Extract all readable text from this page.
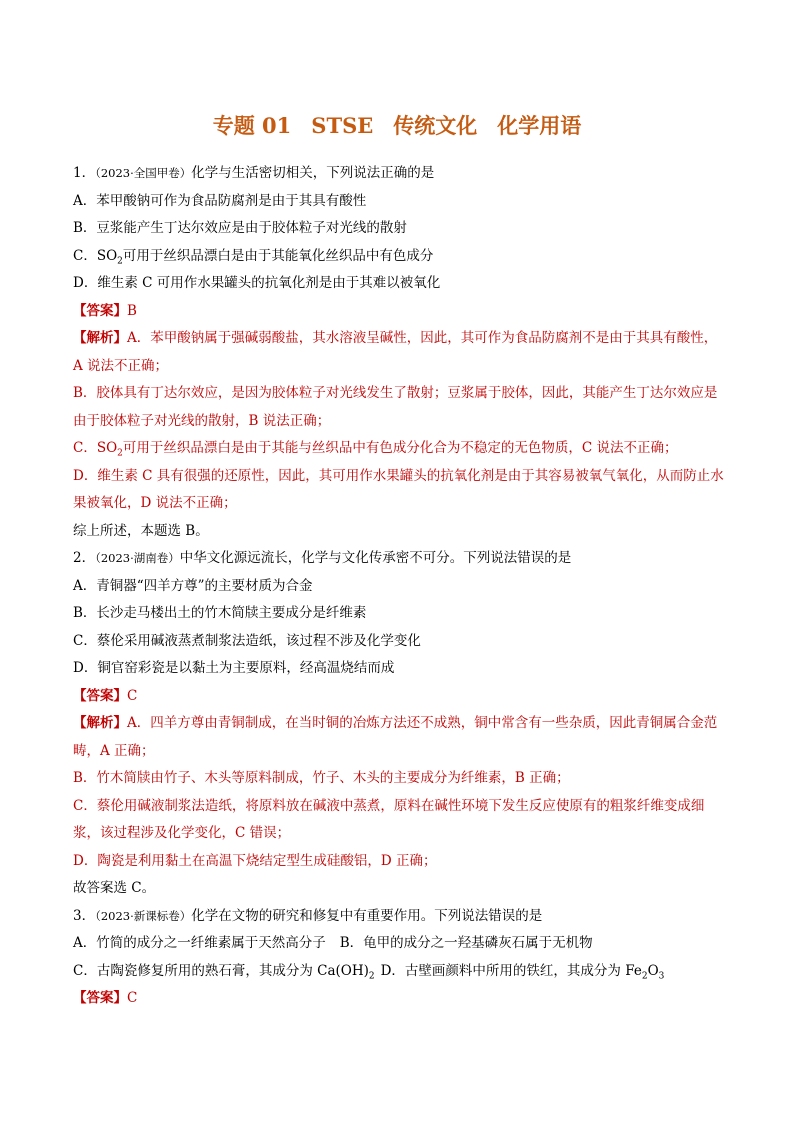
专题 01 STSE 传统文化 化学用语
1．（2023·全国甲卷）化学与生活密切相关，下列说法正确的是
A．苯甲酸钠可作为食品防腐剂是由于其具有酸性
B．豆浆能产生丁达尔效应是由于胶体粒子对光线的散射
C．$SO_2$可用于丝织品漂白是由于其能氧化丝织品中有色成分
D．维生素 C 可用作水果罐头的抗氧化剂是由于其难以被氧化
【答案】B
【解析】A．苯甲酸钠属于强碱弱酸盐，其水溶液呈碱性，因此，其可作为食品防腐剂不是由于其具有酸性，A 说法不正确；
B．胶体具有丁达尔效应，是因为胶体粒子对光线发生了散射；豆浆属于胶体，因此，其能产生丁达尔效应是由于胶体粒子对光线的散射，B 说法正确；
C．$SO_2$可用于丝织品漂白是由于其能与丝织品中有色成分化合为不稳定的无色物质，C 说法不正确；
D．维生素 C 具有很强的还原性，因此，其可用作水果罐头的抗氧化剂是由于其容易被氧气氧化，从而防止水果被氧化，D 说法不正确；
综上所述，本题选 B。
2．（2023·湖南卷）中华文化源远流长，化学与文化传承密不可分。下列说法错误的是
A．青铜器“四羊方尊”的主要材质为合金
B．长沙走马楼出土的竹木简牍主要成分是纤维素
C．蔡伦采用碱液蒸煮制浆法造纸，该过程不涉及化学变化
D．铜官窑彩瓷是以黏土为主要原料，经高温烧结而成
【答案】C
【解析】A．四羊方尊由青铜制成，在当时铜的冶炼方法还不成熟，铜中常含有一些杂质，因此青铜属合金范畴，A 正确；
B．竹木简牍由竹子、木头等原料制成，竹子、木头的主要成分为纤维素，B 正确；
C．蔡伦用碱液制浆法造纸，将原料放在碱液中蒸煮，原料在碱性环境下发生反应使原有的粗浆纤维变成细浆，该过程涉及化学变化，C 错误；
D．陶瓷是利用黏土在高温下烧结定型生成硅酸铝，D 正确；
故答案选 C。
3．（2023·新课标卷）化学在文物的研究和修复中有重要作用。下列说法错误的是
A．竹简的成分之一纤维素属于天然高分子 B．龟甲的成分之一羟基磷灰石属于无机物
C．古陶瓷修复所用的熟石膏，其成分为 $Ca(OH)_2$ D．古壁画颜料中所用的铁红，其成分为 $Fe_2O_3$
【答案】C
